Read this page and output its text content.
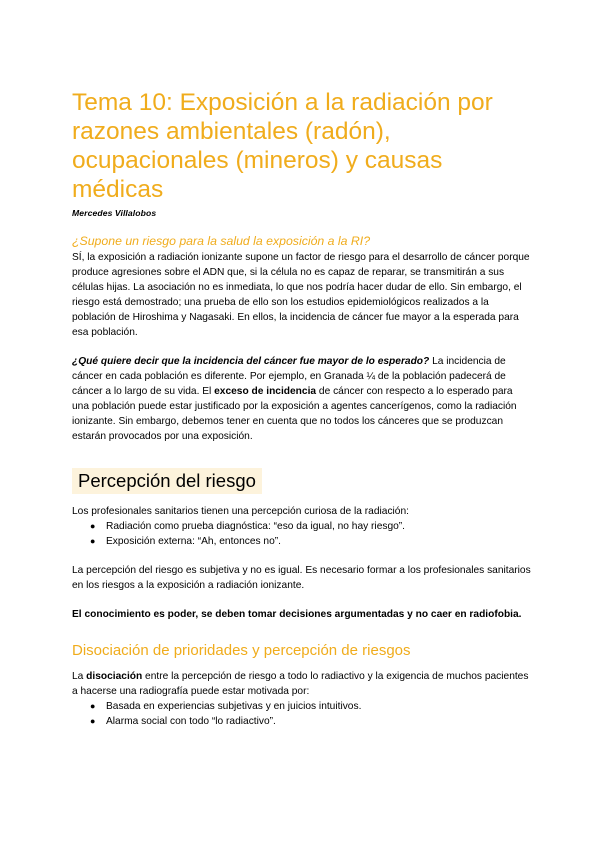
Tema 10: Exposición a la radiación por razones ambientales (radón), ocupacionales (mineros) y causas médicas
Mercedes Villalobos
¿Supone un riesgo para la salud la exposición a la RI?

SÍ, la exposición a radiación ionizante supone un factor de riesgo para el desarrollo de cáncer porque produce agresiones sobre el ADN que, si la célula no es capaz de reparar, se transmitirán a sus células hijas. La asociación no es inmediata, lo que nos podría hacer dudar de ello. Sin embargo, el riesgo está demostrado; una prueba de ello son los estudios epidemiológicos realizados a la población de Hiroshima y Nagasaki. En ellos, la incidencia de cáncer fue mayor a la esperada para esa población.

¿Qué quiere decir que la incidencia del cáncer fue mayor de lo esperado? La incidencia de cáncer en cada población es diferente. Por ejemplo, en Granada ¼ de la población padecerá de cáncer a lo largo de su vida. El exceso de incidencia de cáncer con respecto a lo esperado para una población puede estar justificado por la exposición a agentes cancerígenos, como la radiación ionizante. Sin embargo, debemos tener en cuenta que no todos los cánceres que se produzcan estarán provocados por una exposición.

Percepción del riesgo

Los profesionales sanitarios tienen una percepción curiosa de la radiación:

● Radiación como prueba diagnóstica: “eso da igual, no hay riesgo”.
● Exposición externa: “Ah, entonces no”.

La percepción del riesgo es subjetiva y no es igual. Es necesario formar a los profesionales sanitarios en los riesgos a la exposición a radiación ionizante.

El conocimiento es poder, se deben tomar decisiones argumentadas y no caer en radiofobia.

Disociación de prioridades y percepción de riesgos

La disociación entre la percepción de riesgo a todo lo radiactivo y la exigencia de muchos pacientes a hacerse una radiografía puede estar motivada por:

● Basada en experiencias subjetivas y en juicios intuitivos.
● Alarma social con todo “lo radiactivo”.
